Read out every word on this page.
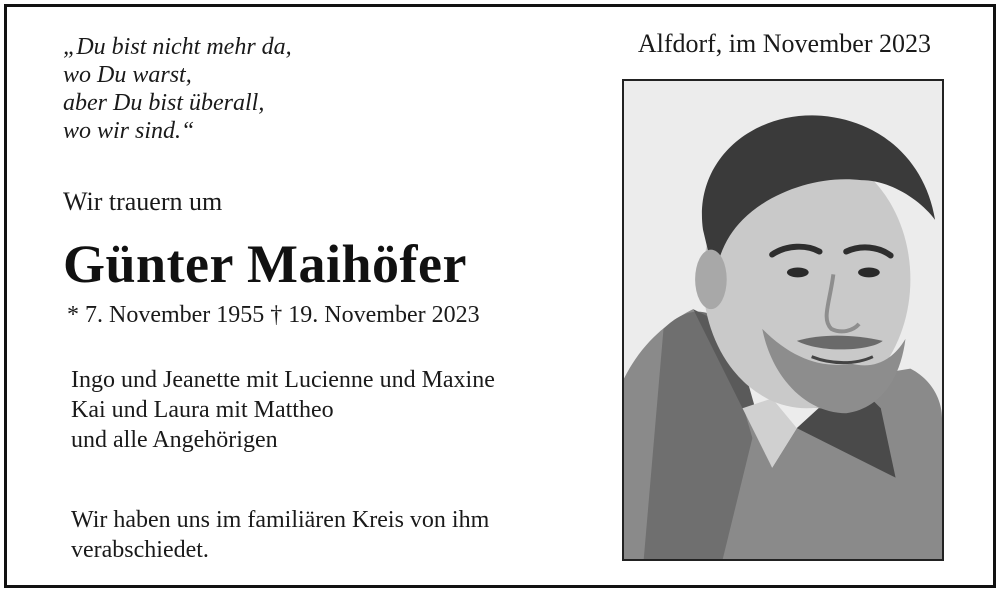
„Du bist nicht mehr da,
wo Du warst,
aber Du bist überall,
wo wir sind.“
Alfdorf, im November 2023
Wir trauern um
Günter Maihöfer
* 7. November 1955 † 19. November 2023
Ingo und Jeanette mit Lucienne und Maxine
Kai und Laura mit Mattheo
und alle Angehörigen
Wir haben uns im familiären Kreis von ihm
verabschiedet.
